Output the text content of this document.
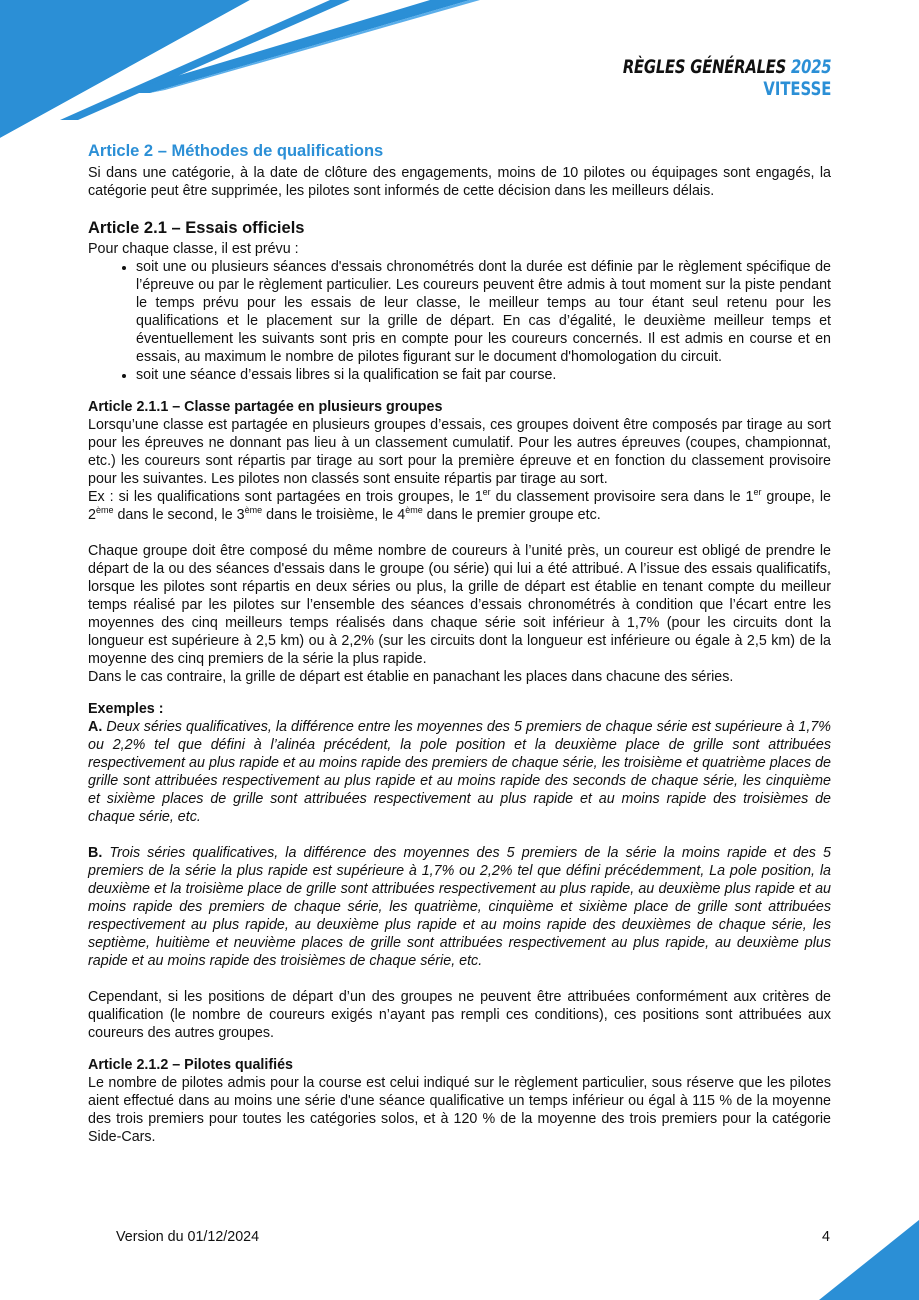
RÈGLES GÉNÉRALES 2025
VITESSE
Article 2 – Méthodes de qualifications

Si dans une catégorie, à la date de clôture des engagements, moins de 10 pilotes ou équipages sont engagés, la catégorie peut être supprimée, les pilotes sont informés de cette décision dans les meilleurs délais.

Article 2.1 – Essais officiels

Pour chaque classe, il est prévu :

• soit une ou plusieurs séances d'essais chronométrés dont la durée est définie par le règlement spécifique de l’épreuve ou par le règlement particulier. Les coureurs peuvent être admis à tout moment sur la piste pendant le temps prévu pour les essais de leur classe, le meilleur temps au tour étant seul retenu pour les qualifications et le placement sur la grille de départ. En cas d’égalité, le deuxième meilleur temps et éventuellement les suivants sont pris en compte pour les coureurs concernés. Il est admis en course et en essais, au maximum le nombre de pilotes figurant sur le document d'homologation du circuit.
• soit une séance d’essais libres si la qualification se fait par course.
Article 2.1.1 – Classe partagée en plusieurs groupes

Lorsqu’une classe est partagée en plusieurs groupes d’essais, ces groupes doivent être composés par tirage au sort pour les épreuves ne donnant pas lieu à un classement cumulatif. Pour les autres épreuves (coupes, championnat, etc.) les coureurs sont répartis par tirage au sort pour la première épreuve et en fonction du classement provisoire pour les suivantes. Les pilotes non classés sont ensuite répartis par tirage au sort.

Ex : si les qualifications sont partagées en trois groupes, le 1er du classement provisoire sera dans le 1er groupe, le 2ème dans le second, le 3ème dans le troisième, le 4ème dans le premier groupe etc.

Chaque groupe doit être composé du même nombre de coureurs à l’unité près, un coureur est obligé de prendre le départ de la ou des séances d'essais dans le groupe (ou série) qui lui a été attribué. A l’issue des essais qualificatifs, lorsque les pilotes sont répartis en deux séries ou plus, la grille de départ est établie en tenant compte du meilleur temps réalisé par les pilotes sur l’ensemble des séances d’essais chronométrés à condition que l’écart entre les moyennes des cinq meilleurs temps réalisés dans chaque série soit inférieur à 1,7% (pour les circuits dont la longueur est supérieure à 2,5 km) ou à 2,2% (sur les circuits dont la longueur est inférieure ou égale à 2,5 km) de la moyenne des cinq premiers de la série la plus rapide.

Dans le cas contraire, la grille de départ est établie en panachant les places dans chacune des séries.

Exemples :

A. Deux séries qualificatives, la différence entre les moyennes des 5 premiers de chaque série est supérieure à 1,7% ou 2,2% tel que défini à l’alinéa précédent, la pole position et la deuxième place de grille sont attribuées respectivement au plus rapide et au moins rapide des premiers de chaque série, les troisième et quatrième places de grille sont attribuées respectivement au plus rapide et au moins rapide des seconds de chaque série, les cinquième et sixième places de grille sont attribuées respectivement au plus rapide et au moins rapide des troisièmes de chaque série, etc.

B. Trois séries qualificatives, la différence des moyennes des 5 premiers de la série la moins rapide et des 5 premiers de la série la plus rapide est supérieure à 1,7% ou 2,2% tel que défini précédemment, La pole position, la deuxième et la troisième place de grille sont attribuées respectivement au plus rapide, au deuxième plus rapide et au moins rapide des premiers de chaque série, les quatrième, cinquième et sixième place de grille sont attribuées respectivement au plus rapide, au deuxième plus rapide et au moins rapide des deuxièmes de chaque série, les septième, huitième et neuvième places de grille sont attribuées respectivement au plus rapide, au deuxième plus rapide et au moins rapide des troisièmes de chaque série, etc.

Cependant, si les positions de départ d’un des groupes ne peuvent être attribuées conformément aux critères de qualification (le nombre de coureurs exigés n’ayant pas rempli ces conditions), ces positions sont attribuées aux coureurs des autres groupes.

Article 2.1.2 – Pilotes qualifiés

Le nombre de pilotes admis pour la course est celui indiqué sur le règlement particulier, sous réserve que les pilotes aient effectué dans au moins une série d'une séance qualificative un temps inférieur ou égal à 115 % de la moyenne des trois premiers pour toutes les catégories solos, et à 120 % de la moyenne des trois premiers pour la catégorie Side-Cars.

Version du 01/12/2024	4
